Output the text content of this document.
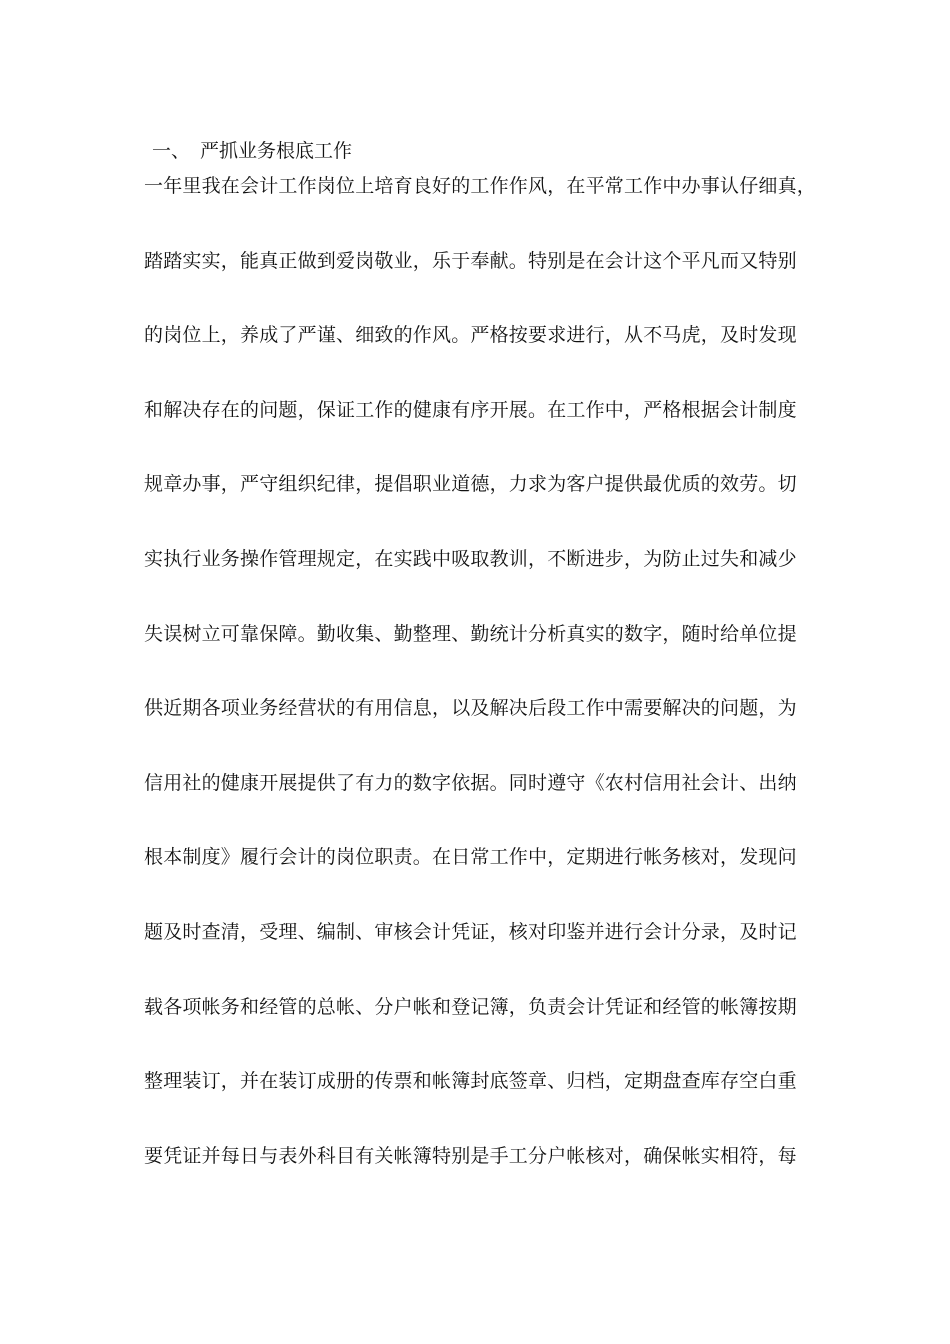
一、 严抓业务根底工作
一年里我在会计工作岗位上培育良好的工作作风，在平常工作中办事认仔细真，
踏踏实实，能真正做到爱岗敬业，乐于奉献。特别是在会计这个平凡而又特别
的岗位上，养成了严谨、细致的作风。严格按要求进行，从不马虎，及时发现
和解决存在的问题，保证工作的健康有序开展。在工作中，严格根据会计制度
规章办事，严守组织纪律，提倡职业道德，力求为客户提供最优质的效劳。切
实执行业务操作管理规定，在实践中吸取教训，不断进步，为防止过失和减少
失误树立可靠保障。勤收集、勤整理、勤统计分析真实的数字，随时给单位提
供近期各项业务经营状的有用信息，以及解决后段工作中需要解决的问题，为
信用社的健康开展提供了有力的数字依据。同时遵守《农村信用社会计、出纳
根本制度》履行会计的岗位职责。在日常工作中，定期进行帐务核对，发现问
题及时查清，受理、编制、审核会计凭证，核对印鉴并进行会计分录，及时记
载各项帐务和经管的总帐、分户帐和登记簿，负责会计凭证和经管的帐簿按期
整理装订，并在装订成册的传票和帐簿封底签章、归档，定期盘查库存空白重
要凭证并每日与表外科目有关帐簿特别是手工分户帐核对，确保帐实相符，每
